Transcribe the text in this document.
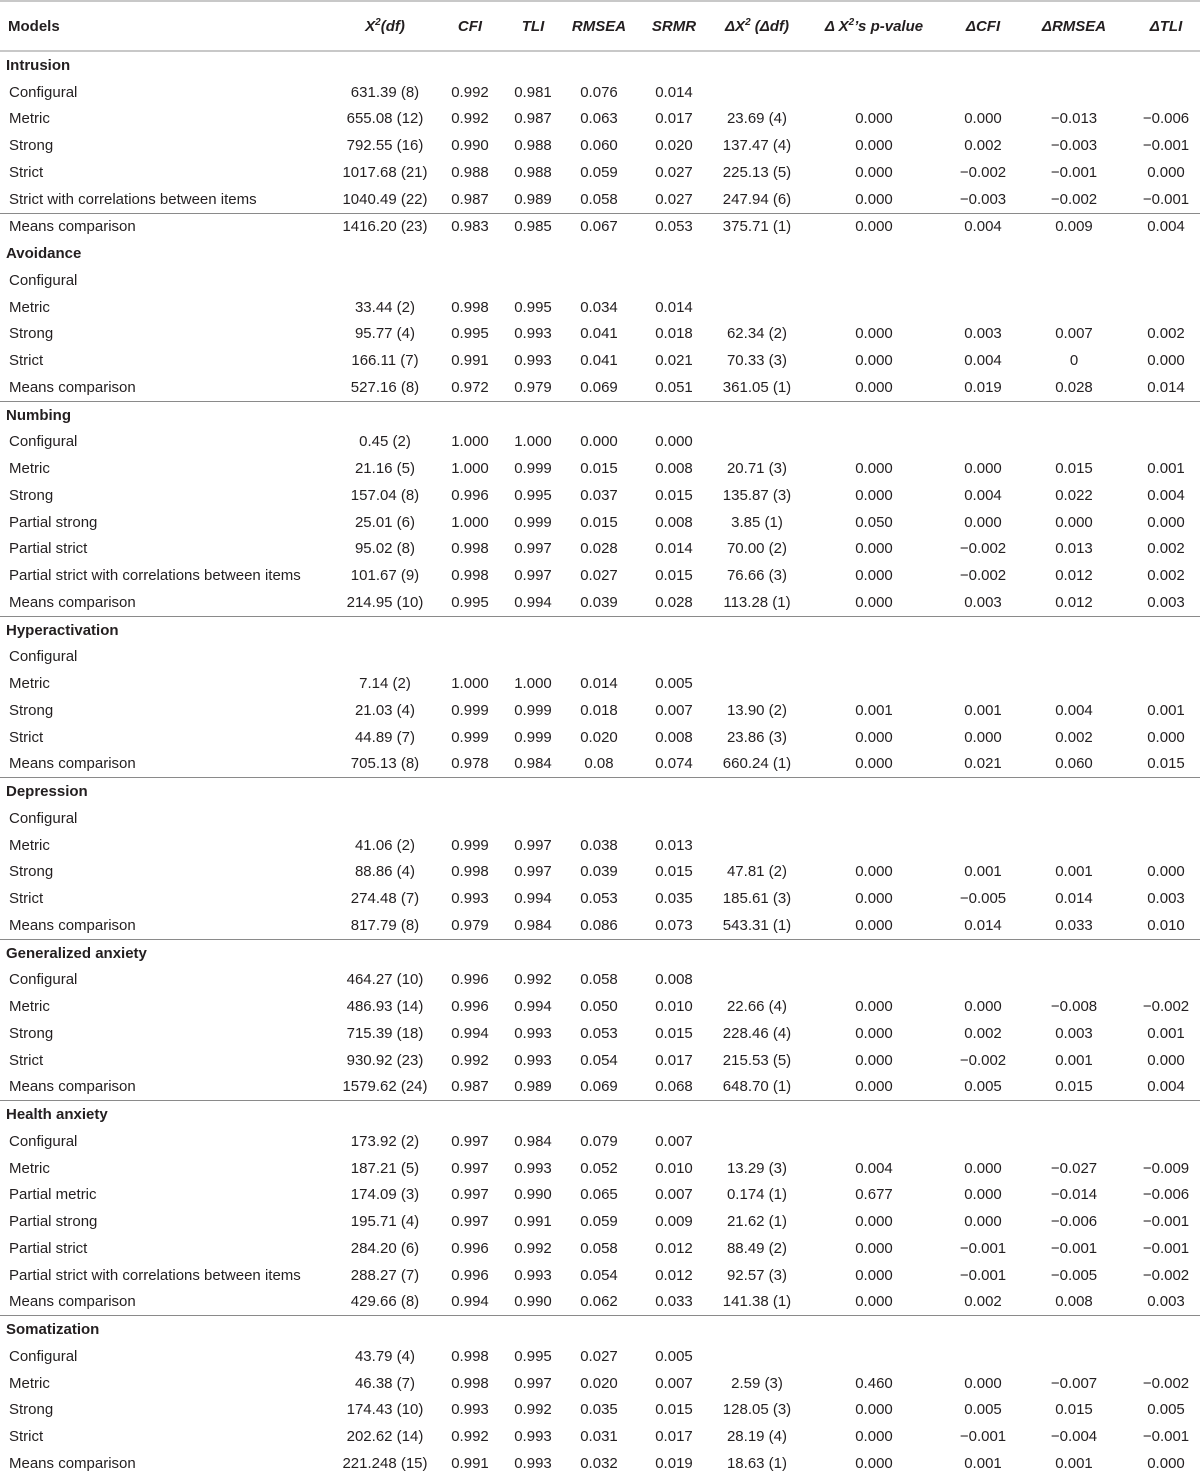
Models	$X^2(df)$	CFI	TLI	RMSEA	SRMR	$\Delta X^2$ (Δdf)	Δ $X^2’s$ p-value	ΔCFI	ΔRMSEA	ΔTLI
Intrusion										
Configural	631.39 (8)	0.992	0.981	0.076	0.014					
Metric	655.08 (12)	0.992	0.987	0.063	0.017	23.69 (4)	0.000	0.000	−0.013	−0.006
Strong	792.55 (16)	0.990	0.988	0.060	0.020	137.47 (4)	0.000	0.002	−0.003	−0.001
Strict	1017.68 (21)	0.988	0.988	0.059	0.027	225.13 (5)	0.000	−0.002	−0.001	0.000
Strict with correlations between items	1040.49 (22)	0.987	0.989	0.058	0.027	247.94 (6)	0.000	−0.003	−0.002	−0.001
Means comparison	1416.20 (23)	0.983	0.985	0.067	0.053	375.71 (1)	0.000	0.004	0.009	0.004
Avoidance										
Configural										
Metric	33.44 (2)	0.998	0.995	0.034	0.014					
Strong	95.77 (4)	0.995	0.993	0.041	0.018	62.34 (2)	0.000	0.003	0.007	0.002
Strict	166.11 (7)	0.991	0.993	0.041	0.021	70.33 (3)	0.000	0.004	0	0.000
Means comparison	527.16 (8)	0.972	0.979	0.069	0.051	361.05 (1)	0.000	0.019	0.028	0.014
Numbing										
Configural	0.45 (2)	1.000	1.000	0.000	0.000					
Metric	21.16 (5)	1.000	0.999	0.015	0.008	20.71 (3)	0.000	0.000	0.015	0.001
Strong	157.04 (8)	0.996	0.995	0.037	0.015	135.87 (3)	0.000	0.004	0.022	0.004
Partial strong	25.01 (6)	1.000	0.999	0.015	0.008	3.85 (1)	0.050	0.000	0.000	0.000
Partial strict	95.02 (8)	0.998	0.997	0.028	0.014	70.00 (2)	0.000	−0.002	0.013	0.002
Partial strict with correlations between items	101.67 (9)	0.998	0.997	0.027	0.015	76.66 (3)	0.000	−0.002	0.012	0.002
Means comparison	214.95 (10)	0.995	0.994	0.039	0.028	113.28 (1)	0.000	0.003	0.012	0.003
Hyperactivation										
Configural										
Metric	7.14 (2)	1.000	1.000	0.014	0.005					
Strong	21.03 (4)	0.999	0.999	0.018	0.007	13.90 (2)	0.001	0.001	0.004	0.001
Strict	44.89 (7)	0.999	0.999	0.020	0.008	23.86 (3)	0.000	0.000	0.002	0.000
Means comparison	705.13 (8)	0.978	0.984	0.08	0.074	660.24 (1)	0.000	0.021	0.060	0.015
Depression										
Configural										
Metric	41.06 (2)	0.999	0.997	0.038	0.013					
Strong	88.86 (4)	0.998	0.997	0.039	0.015	47.81 (2)	0.000	0.001	0.001	0.000
Strict	274.48 (7)	0.993	0.994	0.053	0.035	185.61 (3)	0.000	−0.005	0.014	0.003
Means comparison	817.79 (8)	0.979	0.984	0.086	0.073	543.31 (1)	0.000	0.014	0.033	0.010
Generalized anxiety										
Configural	464.27 (10)	0.996	0.992	0.058	0.008					
Metric	486.93 (14)	0.996	0.994	0.050	0.010	22.66 (4)	0.000	0.000	−0.008	−0.002
Strong	715.39 (18)	0.994	0.993	0.053	0.015	228.46 (4)	0.000	0.002	0.003	0.001
Strict	930.92 (23)	0.992	0.993	0.054	0.017	215.53 (5)	0.000	−0.002	0.001	0.000
Means comparison	1579.62 (24)	0.987	0.989	0.069	0.068	648.70 (1)	0.000	0.005	0.015	0.004
Health anxiety										
Configural	173.92 (2)	0.997	0.984	0.079	0.007					
Metric	187.21 (5)	0.997	0.993	0.052	0.010	13.29 (3)	0.004	0.000	−0.027	−0.009
Partial metric	174.09 (3)	0.997	0.990	0.065	0.007	0.174 (1)	0.677	0.000	−0.014	−0.006
Partial strong	195.71 (4)	0.997	0.991	0.059	0.009	21.62 (1)	0.000	0.000	−0.006	−0.001
Partial strict	284.20 (6)	0.996	0.992	0.058	0.012	88.49 (2)	0.000	−0.001	−0.001	−0.001
Partial strict with correlations between items	288.27 (7)	0.996	0.993	0.054	0.012	92.57 (3)	0.000	−0.001	−0.005	−0.002
Means comparison	429.66 (8)	0.994	0.990	0.062	0.033	141.38 (1)	0.000	0.002	0.008	0.003
Somatization										
Configural	43.79 (4)	0.998	0.995	0.027	0.005					
Metric	46.38 (7)	0.998	0.997	0.020	0.007	2.59 (3)	0.460	0.000	−0.007	−0.002
Strong	174.43 (10)	0.993	0.992	0.035	0.015	128.05 (3)	0.000	0.005	0.015	0.005
Strict	202.62 (14)	0.992	0.993	0.031	0.017	28.19 (4)	0.000	−0.001	−0.004	−0.001
Means comparison	221.248 (15)	0.991	0.993	0.032	0.019	18.63 (1)	0.000	0.001	0.001	0.000
